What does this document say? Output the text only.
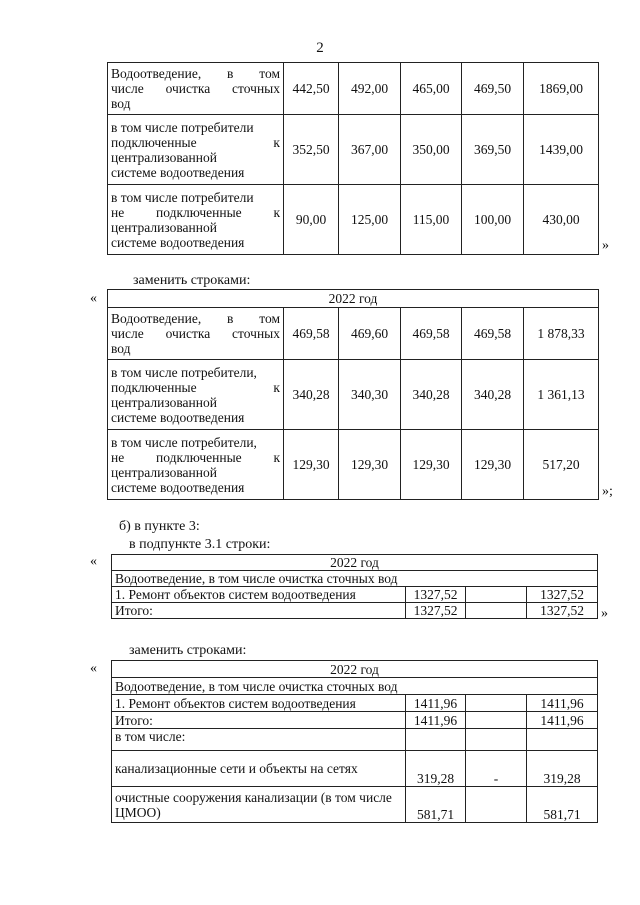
2
Водоотведение, в том
числе очистка сточных
вод	442,50	492,00	465,00	469,50	1869,00

в том числе потребители
подключенные к
централизованной
системе водоотведения	352,50	367,00	350,00	369,50	1439,00

в том числе потребители
не подключенные к
централизованной
системе водоотведения	90,00	125,00	115,00	100,00	430,00
»
заменить строками:
«	2022 год					

Водоотведение, в том
числе очистка сточных
вод	469,58	469,60	469,58	469,58	1 878,33

в том числе потребители,
подключенные к
централизованной
системе водоотведения	340,28	340,30	340,28	340,28	1 361,13

в том числе потребители,
не подключенные к
централизованной
системе водоотведения	129,30	129,30	129,30	129,30	517,20
»;
б) в пункте 3:
в подпункте 3.1 строки:
«	2022 год			
Водоотведение, в том числе очистка сточных вод			
1. Ремонт объектов систем водоотведения	1327,52		1327,52
Итого:	1327,52		1327,52 »
заменить строками:
«	2022 год			
Водоотведение, в том числе очистка сточных вод			
1. Ремонт объектов систем водоотведения	1411,96		1411,96
Итого:	1411,96		1411,96
в том числе:			
канализационные сети и объекты на сетях	319,28	-	319,28
очистные сооружения канализации (в том числе ЦМОО)	581,71		581,71
